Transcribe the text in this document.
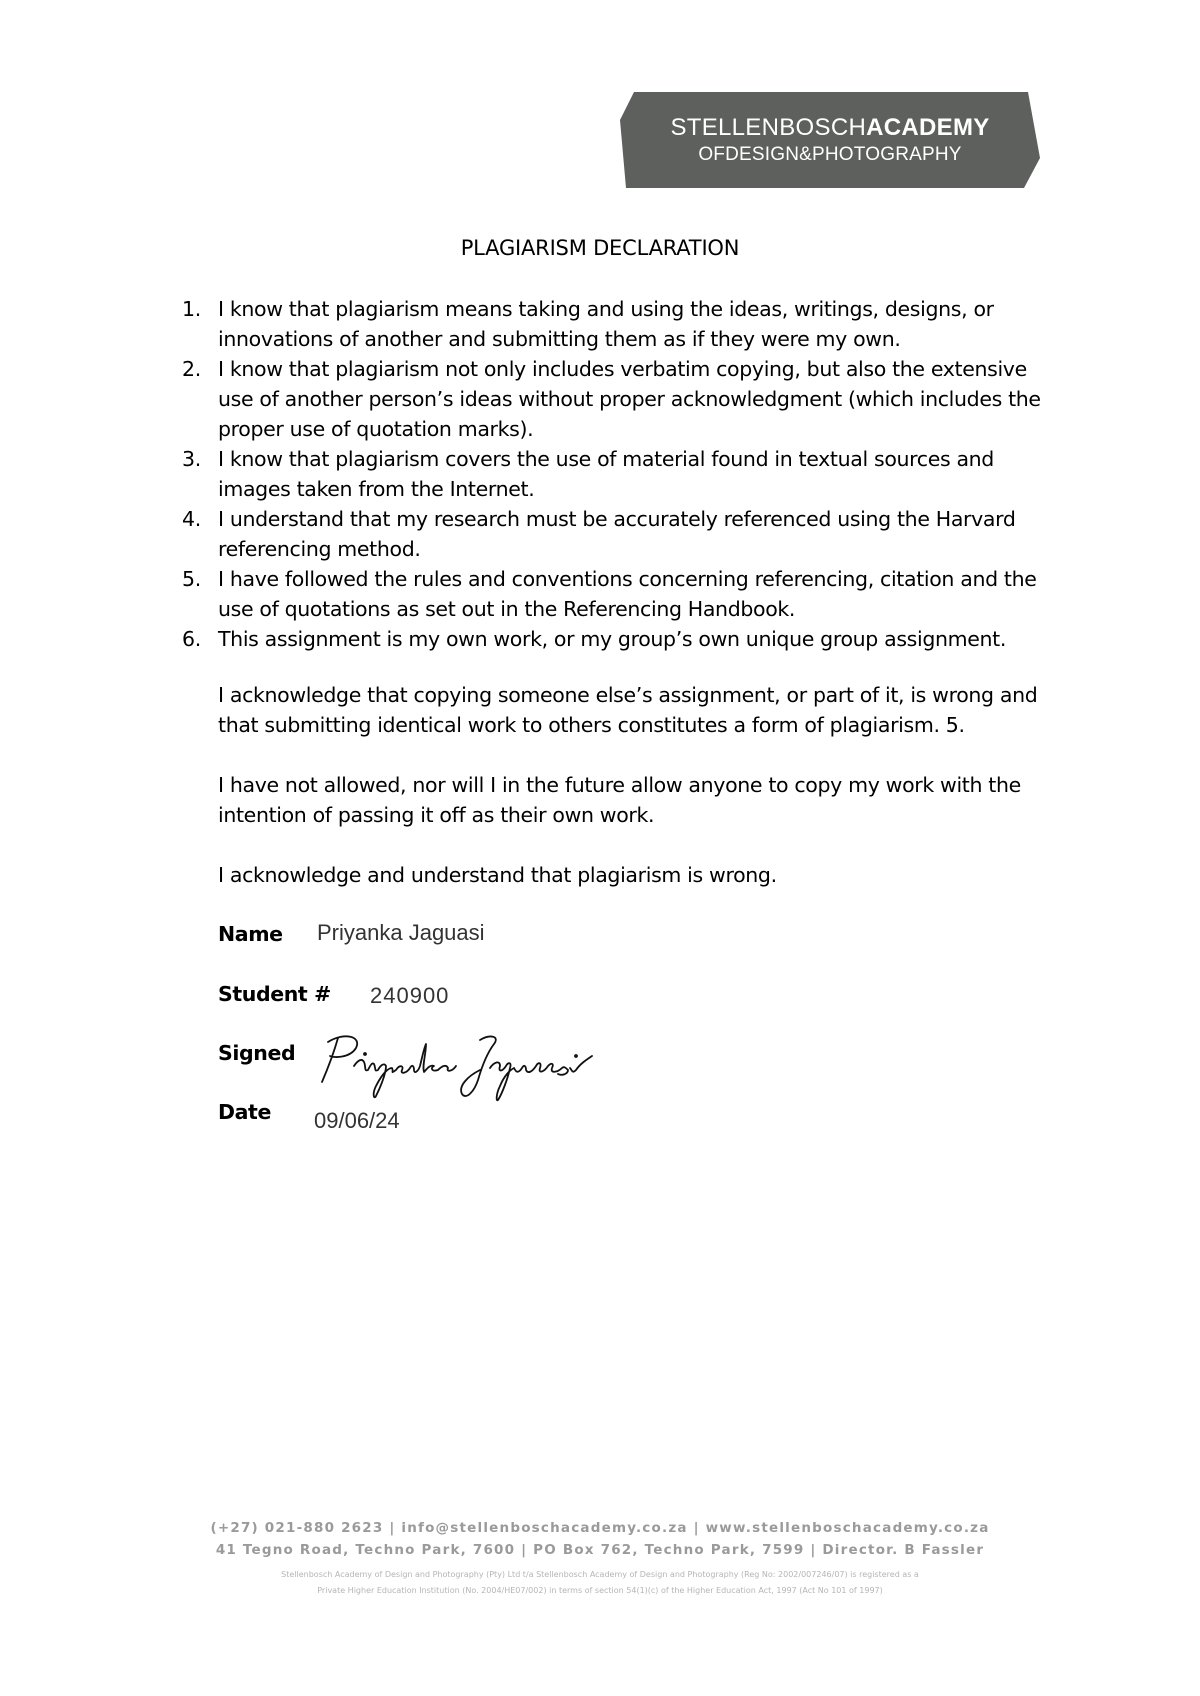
STELLENBOSCHACADEMY
OFDESIGN&PHOTOGRAPHY
PLAGIARISM DECLARATION
1. I know that plagiarism means taking and using the ideas, writings, designs, or innovations of another and submitting them as if they were my own.
2. I know that plagiarism not only includes verbatim copying, but also the extensive use of another person’s ideas without proper acknowledgment (which includes the proper use of quotation marks).
3. I know that plagiarism covers the use of material found in textual sources and images taken from the Internet.
4. I understand that my research must be accurately referenced using the Harvard referencing method.
5. I have followed the rules and conventions concerning referencing, citation and the use of quotations as set out in the Referencing Handbook.
6. This assignment is my own work, or my group’s own unique group assignment.

I acknowledge that copying someone else’s assignment, or part of it, is wrong and that submitting identical work to others constitutes a form of plagiarism. 5.

I have not allowed, nor will I in the future allow anyone to copy my work with the intention of passing it off as their own work.

I acknowledge and understand that plagiarism is wrong.

Name Priyanka Jaguasi
Student # 240900
Signed
Date 09/06/24
(+27) 021-880 2623 | info@stellenboschacademy.co.za | www.stellenboschacademy.co.za
41 Tegno Road, Techno Park, 7600 | PO Box 762, Techno Park, 7599 | Director. B Fassler
Stellenbosch Academy of Design and Photography (Pty) Ltd t/a Stellenbosch Academy of Design and Photography (Reg No: 2002/007246/07) is registered as a
Private Higher Education Institution (No. 2004/HE07/002) in terms of section 54(1)(c) of the Higher Education Act, 1997 (Act No 101 of 1997)
